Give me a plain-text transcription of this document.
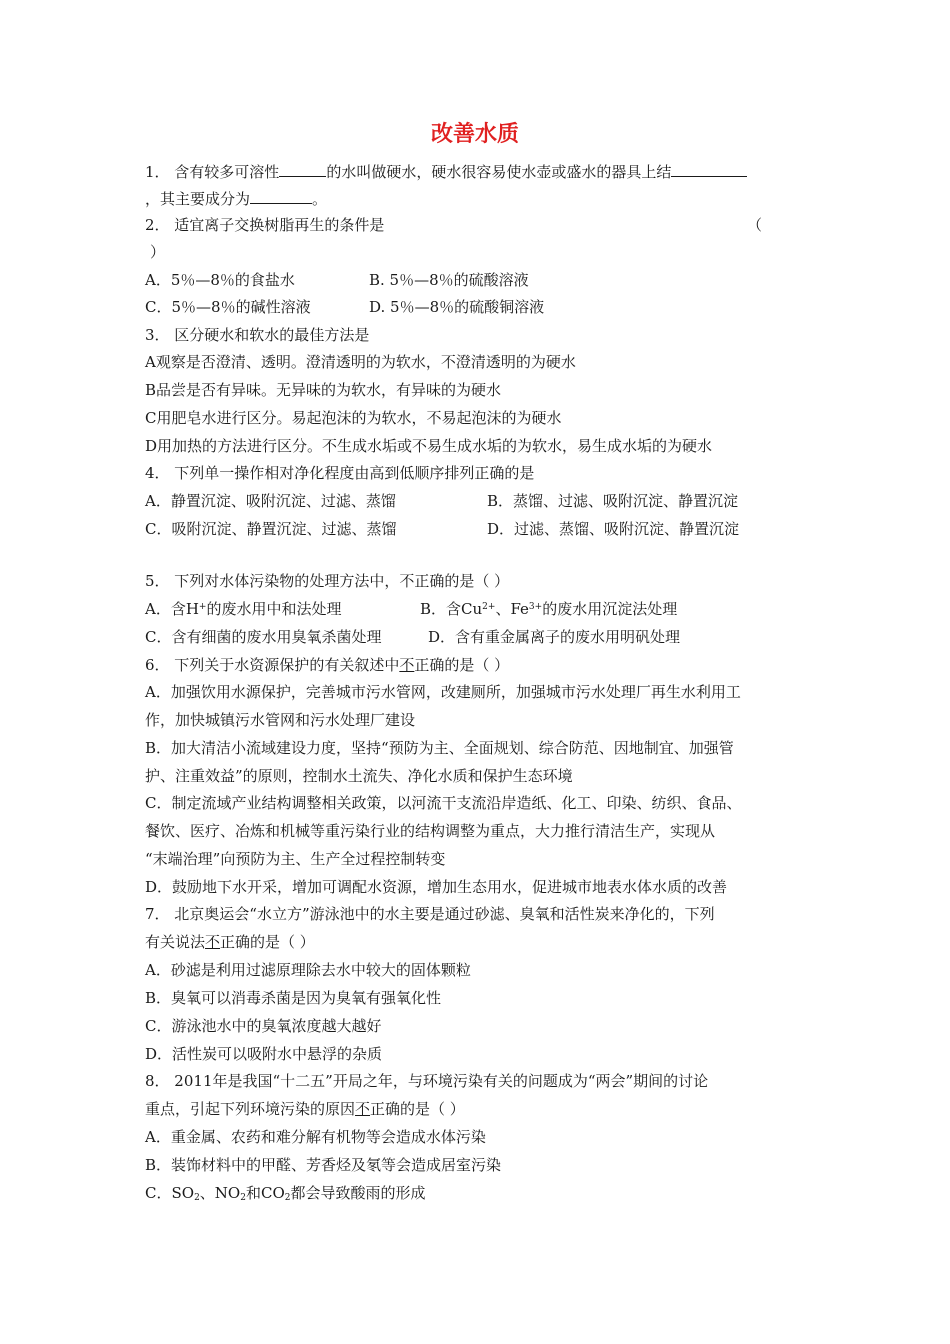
改善水质
1． 含有较多可溶性	的水叫做硬水，硬水很容易使水壶或盛水的器具上结
，其主要成分为	。
2． 适宜离子交换树脂再生的条件是	（
）
A．5％—8％的食盐水	B. 5％—8％的硫酸溶液
C．5％—8％的碱性溶液	D. 5％—8％的硫酸铜溶液
3． 区分硬水和软水的最佳方法是
A观察是否澄清、透明。澄清透明的为软水，不澄清透明的为硬水
B品尝是否有异味。无异味的为软水，有异味的为硬水
C用肥皂水进行区分。易起泡沫的为软水，不易起泡沫的为硬水
D用加热的方法进行区分。不生成水垢或不易生成水垢的为软水，易生成水垢的为硬水
4． 下列单一操作相对净化程度由高到低顺序排列正确的是
A．静置沉淀、吸附沉淀、过滤、蒸馏	B．蒸馏、过滤、吸附沉淀、静置沉淀
C．吸附沉淀、静置沉淀、过滤、蒸馏	D．过滤、蒸馏、吸附沉淀、静置沉淀
5． 下列对水体污染物的处理方法中，不正确的是（ ）
A．含H+的废水用中和法处理	B．含$Cu^{2+}$、$Fe^{3+}$的废水用沉淀法处理
C．含有细菌的废水用臭氧杀菌处理	D．含有重金属离子的废水用明矾处理
6． 下列关于水资源保护的有关叙述中不正确的是（ ）
A．加强饮用水源保护，完善城市污水管网，改建厕所，加强城市污水处理厂再生水利用工
作，加快城镇污水管网和污水处理厂建设
B．加大清洁小流域建设力度，坚持“预防为主、全面规划、综合防范、因地制宜、加强管
护、注重效益”的原则，控制水土流失、净化水质和保护生态环境
C．制定流域产业结构调整相关政策，以河流干支流沿岸造纸、化工、印染、纺织、食品、
餐饮、医疗、冶炼和机械等重污染行业的结构调整为重点，大力推行清洁生产，实现从
“末端治理”向预防为主、生产全过程控制转变
D．鼓励地下水开采，增加可调配水资源，增加生态用水，促进城市地表水体水质的改善
7． 北京奥运会“水立方”游泳池中的水主要是通过砂滤、臭氧和活性炭来净化的，下列
有关说法不正确的是（ ）
A．砂滤是利用过滤原理除去水中较大的固体颗粒
B．臭氧可以消毒杀菌是因为臭氧有强氧化性
C．游泳池水中的臭氧浓度越大越好
D．活性炭可以吸附水中悬浮的杂质
8． 2011年是我国“十二五”开局之年，与环境污染有关的问题成为“两会”期间的讨论
重点，引起下列环境污染的原因不正确的是（ ）
A．重金属、农药和难分解有机物等会造成水体污染
B．装饰材料中的甲醛、芳香烃及氡等会造成居室污染
C．$SO_2$、$NO_2$和$CO_2$都会导致酸雨的形成
